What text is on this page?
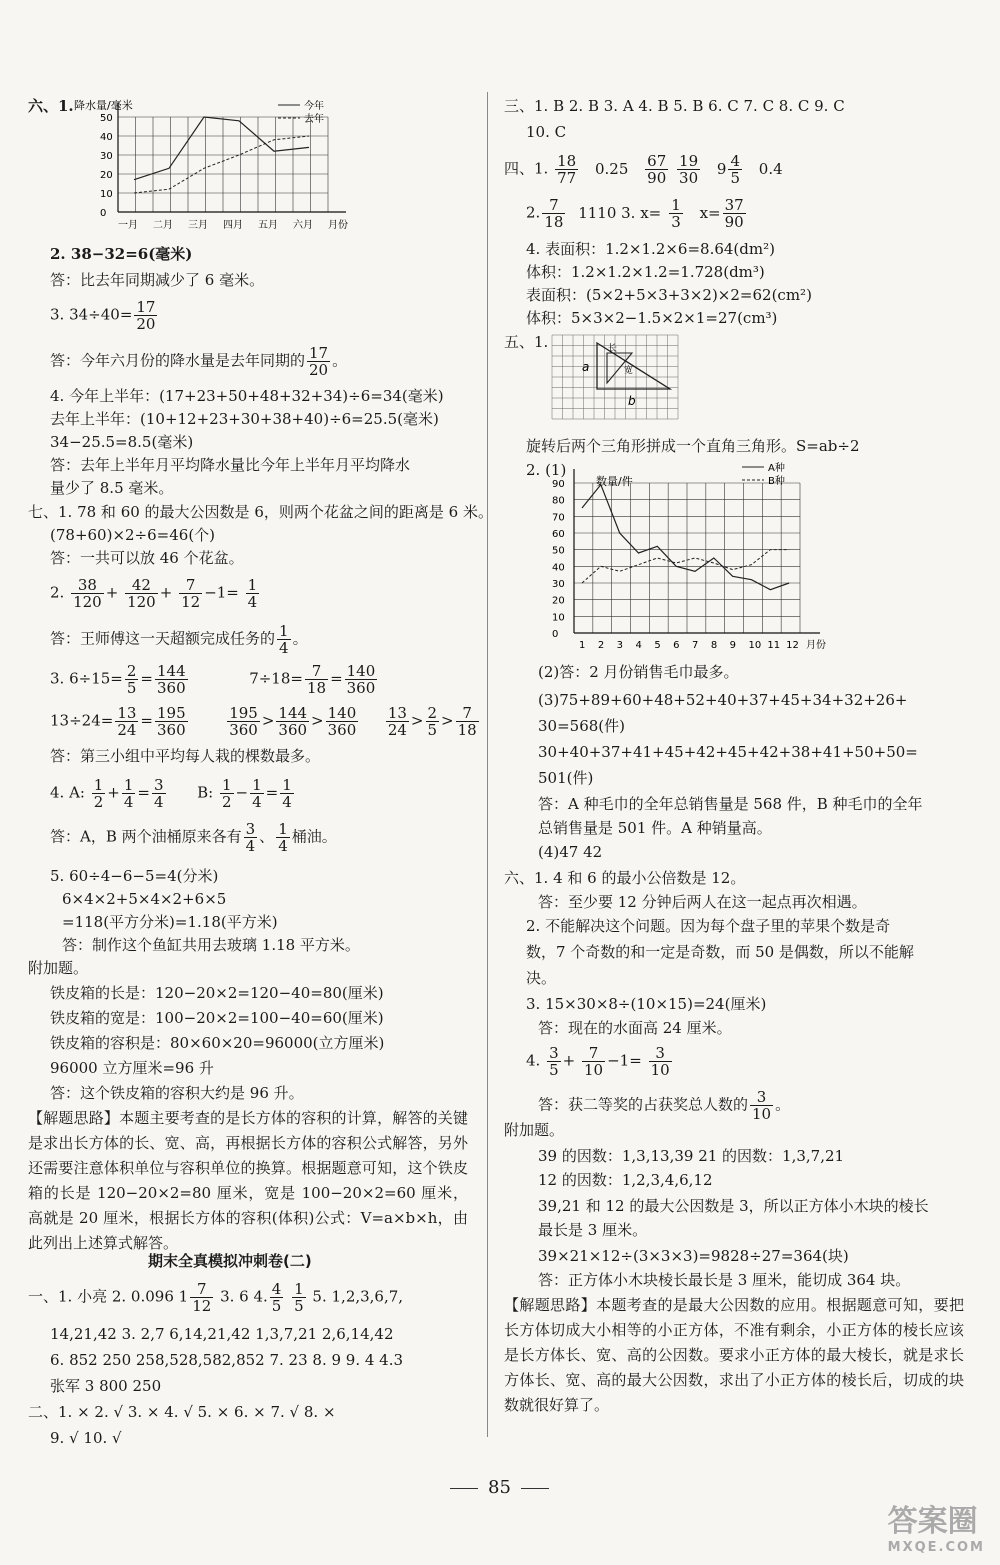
六、1. 降水量/毫米
50
40
30
20
10
0
一月 二月 三月 四月 五月 六月 月份
今年
去年
2. 38−32=6(毫米)
答：比去年同期减少了 6 毫米。
3. $34\div 40= \frac{17}{20}$
答：今年六月份的降水量是去年同期的 $\frac{17}{20}$ 。
4. 今年上半年：(17+23+50+48+32+34)÷6=34(毫米)
去年上半年：(10+12+23+30+38+40)÷6=25.5(毫米)
34−25.5=8.5(毫米)
答：去年上半年月平均降水量比今年上半年月平均降水
量少了 8.5 毫米。
七、1. 78 和 60 的最大公因数是 6，则两个花盆之间的距离是 6 米。
(78+60)×2÷6=46(个)
答：一共可以放 46 个花盆。
2. $\frac{38}{120} + \frac{42}{120} + \frac{7}{12} -1= \frac{1}{4}$
答：王师傅这一天超额完成任务的 $\frac{1}{4}$ 。
3. $6\div 15= \frac{2}{5} = \frac{144}{360}$	$7\div 18= \frac{7}{18} = \frac{140}{360}$
$13\div 24= \frac{13}{24} = \frac{195}{360}$
	$\frac{195}{360} > \frac{144}{360} > \frac{140}{360}$
$\frac{13}{24} > \frac{2}{5} > \frac{7}{18}$
答：第三小组中平均每人栽的棵数最多。
4. A: $\frac{1}{2} + \frac{1}{4} = \frac{3}{4} B$: $\frac{1}{2} - \frac{1}{4} = \frac{1}{4}$
答：A，B 两个油桶原来各有 $\frac{3}{4}$ 、 $\frac{1}{4}$ 桶油。
5. 60÷4−6−5=4(分米)
6×4×2+5×4×2+6×5
=118(平方分米)=1.18(平方米)
答：制作这个鱼缸共用去玻璃 1.18 平方米。
附加题。
铁皮箱的长是：120−20×2=120−40=80(厘米)
铁皮箱的宽是：100−20×2=100−40=60(厘米)
铁皮箱的容积是：80×60×20=96000(立方厘米)
96000 立方厘米=96 升
答：这个铁皮箱的容积大约是 96 升。
【解题思路】本题主要考查的是长方体的容积的计算，解答的关键是求出长方体的长、宽、高，再根据长方体的容积公式解答，另外还需要注意体积单位与容积单位的换算。根据题意可知，这个铁皮箱的长是 120−20×2=80 厘米，宽是 100−20×2=60 厘米，高就是 20 厘米，根据长方体的容积(体积)公式：V=a×b×h，由此列出上述算式解答。
期末全真模拟冲刺卷(二)
一、1. 小亮 2. 0.096 $1 \frac{7}{12} 3$. 6 4. $\frac{4}{5}$
$\frac{1}{5} 5$. 1,2,3,6,7,
14,21,42 3. 2,7 6,14,21,42 1,3,7,21 2,6,14,42
6. 852 250 258,528,582,852 7. 23 8. 9 9. 4 4.3
张军 3 800 250
二、1. × 2. √ 3. × 4. √ 5. × 6. × 7. √ 8. ×
9. √ 10. √
三、1. B 2. B 3. A 4. B 5. B 6. C 7. C 8. C 9. C
10. C
四、1. $\frac{18}{77} 0.25 \frac{67}{90}$
$\frac{19}{30} 9 \frac{4}{5} 0.4$
2. $\frac{7}{18} 1110$ 3. $x= \frac{1}{3} x= \frac{37}{90}$
4. 表面积：1.2×1.2×6=8.64(dm²)
体积：1.2×1.2×1.2=1.728(dm³)
表面积：(5×2+5×3+3×2)×2=62(cm²)
体积：5×3×2−1.5×2×1=27(cm³)
五、1.
a
b
长
宽
旋转后两个三角形拼成一个直角三角形。S=ab÷2
2. (1)
数量/件
90
80
70
60
50
40
30
20
10
0
1 2 3 4 5 6 7 8 9 10 11 12 月份
A种
B种
(2)答：2 月份销售毛巾最多。
(3)75+89+60+48+52+40+37+45+34+32+26+
30=568(件)
30+40+37+41+45+42+45+42+38+41+50+50=
501(件)
答：A 种毛巾的全年总销售量是 568 件，B 种毛巾的全年
总销售量是 501 件。A 种销量高。
(4)47 42
六、1. 4 和 6 的最小公倍数是 12。
答：至少要 12 分钟后两人在这一起点再次相遇。
2. 不能解决这个问题。因为每个盘子里的苹果个数是奇
数，7 个奇数的和一定是奇数，而 50 是偶数，所以不能解
决。
3. 15×30×8÷(10×15)=24(厘米)
答：现在的水面高 24 厘米。
4. $\frac{3}{5} + \frac{7}{10} -1= \frac{3}{10}$
答：获二等奖的占获奖总人数的 $\frac{3}{10}$ 。
附加题。
39 的因数：1,3,13,39 21 的因数：1,3,7,21
12 的因数：1,2,3,4,6,12
39,21 和 12 的最大公因数是 3，所以正方体小木块的棱长
最长是 3 厘米。
39×21×12÷(3×3×3)=9828÷27=364(块)
答：正方体小木块棱长最长是 3 厘米，能切成 364 块。
【解题思路】本题考查的是最大公因数的应用。根据题意可知，要把长方体切成大小相等的小正方体，不准有剩余，小正方体的棱长应该是长方体长、宽、高的公因数。要求小正方体的最大棱长，就是求长方体长、宽、高的最大公因数，求出了小正方体的棱长后，切成的块数就很好算了。
85
答案圈
MXQE.COM
